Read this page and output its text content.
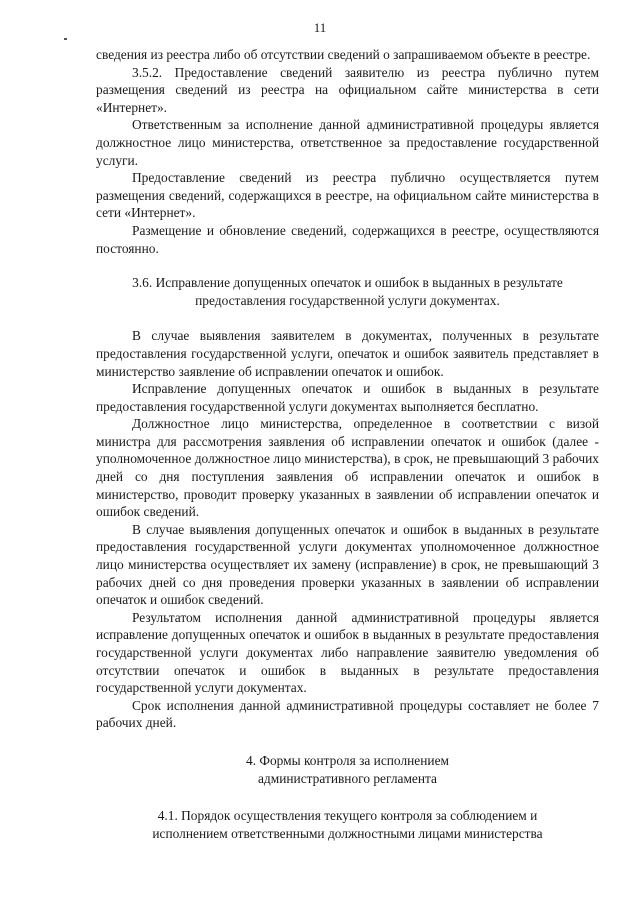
11

сведения из реестра либо об отсутствии сведений о запрашиваемом объекте в реестре.

3.5.2. Предоставление сведений заявителю из реестра публично путем размещения сведений из реестра на официальном сайте министерства в сети «Интернет».

Ответственным за исполнение данной административной процедуры является должностное лицо министерства, ответственное за предоставление государственной услуги.

Предоставление сведений из реестра публично осуществляется путем размещения сведений, содержащихся в реестре, на официальном сайте министерства в сети «Интернет».

Размещение и обновление сведений, содержащихся в реестре, осуществляются постоянно.

3.6. Исправление допущенных опечаток и ошибок в выданных в результате предоставления государственной услуги документах.

В случае выявления заявителем в документах, полученных в результате предоставления государственной услуги, опечаток и ошибок заявитель представляет в министерство заявление об исправлении опечаток и ошибок.

Исправление допущенных опечаток и ошибок в выданных в результате предоставления государственной услуги документах выполняется бесплатно.

Должностное лицо министерства, определенное в соответствии с визой министра для рассмотрения заявления об исправлении опечаток и ошибок (далее - уполномоченное должностное лицо министерства), в срок, не превышающий 3 рабочих дней со дня поступления заявления об исправлении опечаток и ошибок в министерство, проводит проверку указанных в заявлении об исправлении опечаток и ошибок сведений.

В случае выявления допущенных опечаток и ошибок в выданных в результате предоставления государственной услуги документах уполномоченное должностное лицо министерства осуществляет их замену (исправление) в срок, не превышающий 3 рабочих дней со дня проведения проверки указанных в заявлении об исправлении опечаток и ошибок сведений.

Результатом исполнения данной административной процедуры является исправление допущенных опечаток и ошибок в выданных в результате предоставления государственной услуги документах либо направление заявителю уведомления об отсутствии опечаток и ошибок в выданных в результате предоставления государственной услуги документах.

Срок исполнения данной административной процедуры составляет не более 7 рабочих дней.

4. Формы контроля за исполнением

административного регламента

4.1. Порядок осуществления текущего контроля за соблюдением и

исполнением ответственными должностными лицами министерства
